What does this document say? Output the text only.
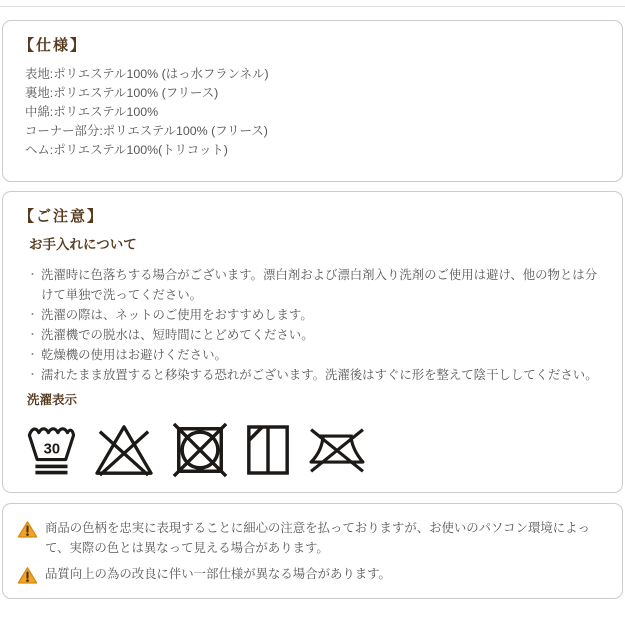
【仕様】
表地:ポリエステル100% (はっ水フランネル)
裏地:ポリエステル100% (フリース)
中綿:ポリエステル100%
コーナー部分:ポリエステル100% (フリース)
ヘム:ポリエステル100%(トリコット)
【ご注意】
お手入れについて
・ 洗濯時に色落ちする場合がございます。漂白剤および漂白剤入り洗剤のご使用は避け、他の物とは分けて単独で洗ってください。
・ 洗濯の際は、ネットのご使用をおすすめします。
・ 洗濯機での脱水は、短時間にとどめてください。
・ 乾燥機の使用はお避けください。
・ 濡れたまま放置すると移染する恐れがございます。洗濯後はすぐに形を整えて陰干ししてください。
洗濯表示
30

商品の色柄を忠実に表現することに細心の注意を払っておりますが、お使いのパソコン環境によって、実際の色とは異なって見える場合があります。

品質向上の為の改良に伴い一部仕様が異なる場合があります。
